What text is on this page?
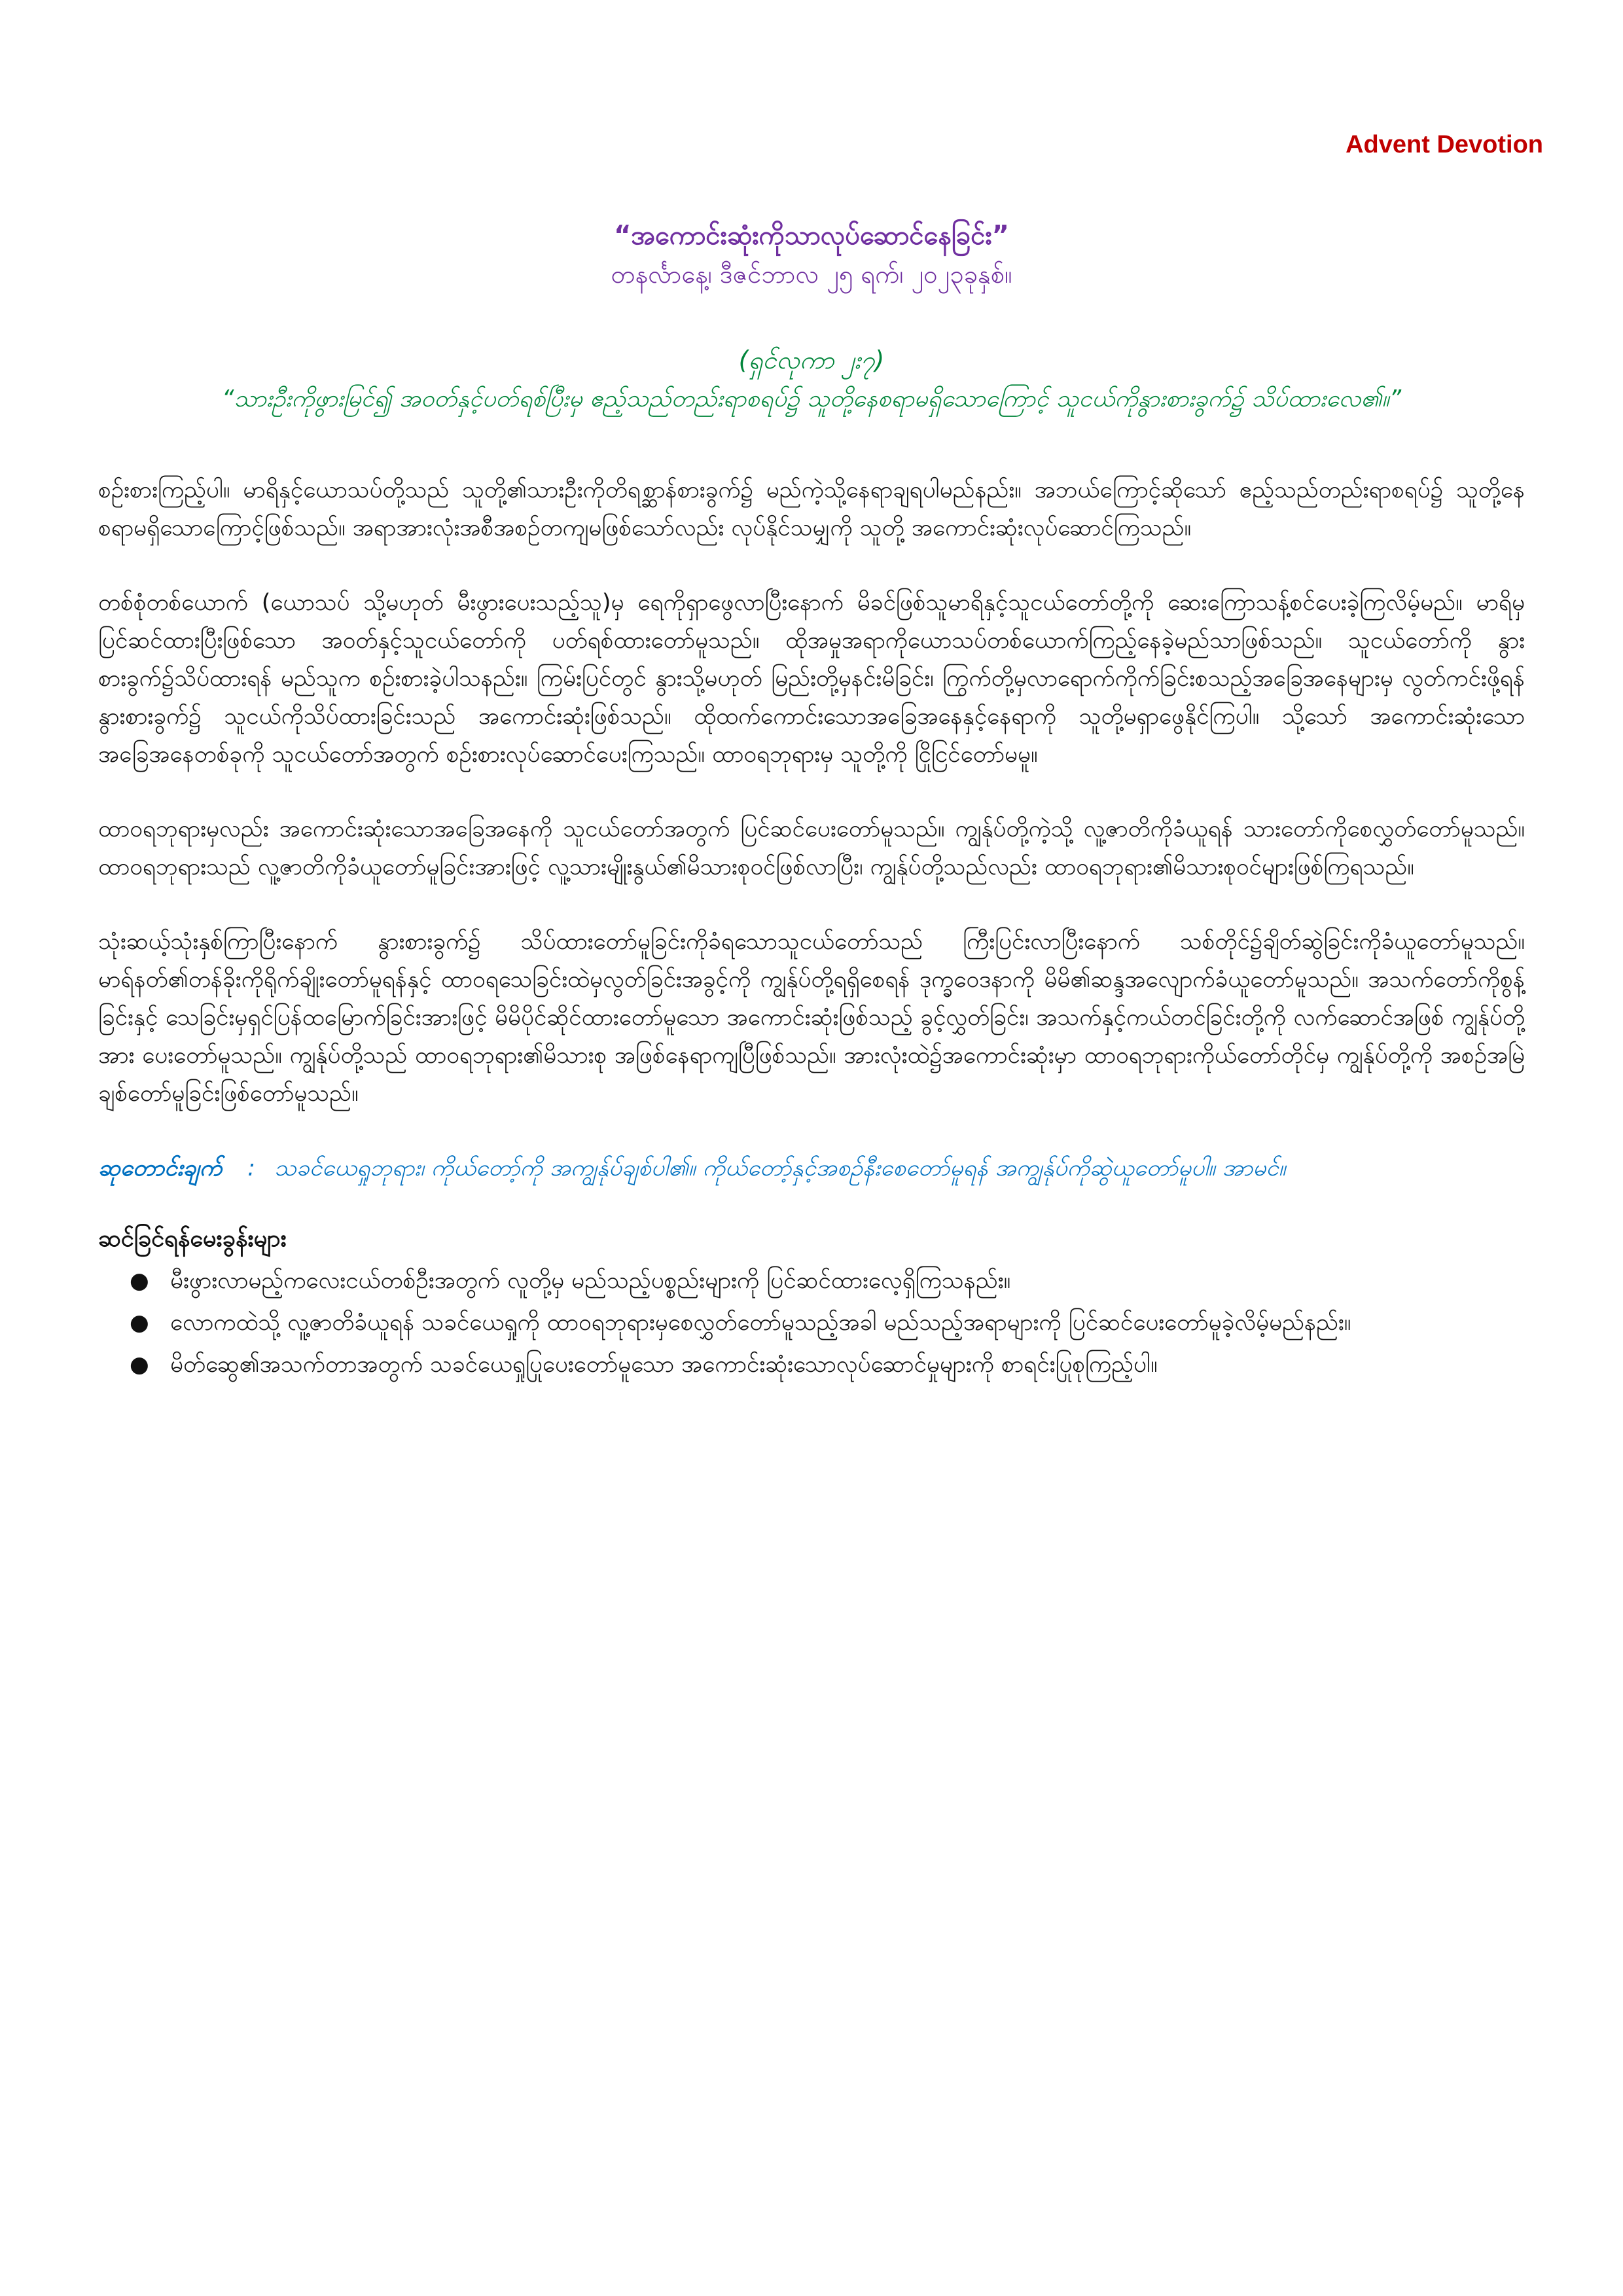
Advent Devotion
“အကောင်းဆုံးကိုသာလုပ်ဆောင်နေခြင်း”
တနင်္လာနေ့၊ ဒီဇင်ဘာလ ၂၅ ရက်၊ ၂၀၂၃ခုနှစ်။
(ရှင်လုကာ ၂း၇)
“သားဦးကိုဖွားမြင်၍ အဝတ်နှင့်ပတ်ရစ်ပြီးမှ ဧည့်သည်တည်းရာစရပ်၌ သူတို့နေစရာမရှိသောကြောင့် သူငယ်ကိုနွားစားခွက်၌ သိပ်ထားလေ၏။”

စဉ်းစားကြည့်ပါ။ မာရိနှင့်ယောသပ်တို့သည် သူတို့၏သားဦးကိုတိရစ္ဆာန်စားခွက်၌ မည်ကဲ့သို့နေရာချရပါမည်နည်း။ အဘယ်ကြောင့်ဆိုသော် ဧည့်သည်တည်းရာစရပ်၌ သူတို့နေစရာမရှိသောကြောင့်ဖြစ်သည်။ အရာအားလုံးအစီအစဉ်တကျမဖြစ်သော်လည်း လုပ်နိုင်သမျှကို သူတို့ အကောင်းဆုံးလုပ်ဆောင်ကြသည်။

တစ်စုံတစ်ယောက် (ယောသပ် သို့မဟုတ် မီးဖွားပေးသည့်သူ)မှ ရေကိုရှာဖွေလာပြီးနောက် မိခင်ဖြစ်သူမာရိနှင့်သူငယ်တော်တို့ကို ဆေးကြောသန့်စင်ပေးခဲ့ကြလိမ့်မည်။ မာရိမှပြင်ဆင်ထားပြီးဖြစ်သော အဝတ်နှင့်သူငယ်တော်ကို ပတ်ရစ်ထားတော်မူသည်။ ထိုအမှုအရာကိုယောသပ်တစ်ယောက်ကြည့်နေခဲ့မည်သာဖြစ်သည်။ သူငယ်တော်ကို နွားစားခွက်၌သိပ်ထားရန် မည်သူက စဉ်းစားခဲ့ပါသနည်း။ ကြမ်းပြင်တွင် နွားသို့မဟုတ် မြည်းတို့မှနင်းမိခြင်း၊ ကြွက်တို့မှလာရောက်ကိုက်ခြင်းစသည့်အခြေအနေများမှ လွတ်ကင်းဖို့ရန် နွားစားခွက်၌ သူငယ်ကိုသိပ်ထားခြင်းသည် အကောင်းဆုံးဖြစ်သည်။ ထိုထက်ကောင်းသောအခြေအနေနှင့်နေရာကို သူတို့မရှာဖွေနိုင်ကြပါ။ သို့သော် အကောင်းဆုံးသောအခြေအနေတစ်ခုကို သူငယ်တော်အတွက် စဉ်းစားလုပ်ဆောင်ပေးကြသည်။ ထာဝရဘုရားမှ သူတို့ကို ငြိုငြင်တော်မမူ။

ထာဝရဘုရားမှလည်း အကောင်းဆုံးသောအခြေအနေကို သူငယ်တော်အတွက် ပြင်ဆင်ပေးတော်မူသည်။ ကျွန်ုပ်တို့ကဲ့သို့ လူ့ဇာတိကိုခံယူရန် သားတော်ကိုစေလွှတ်တော်မူသည်။ ထာဝရဘုရားသည် လူ့ဇာတိကိုခံယူတော်မူခြင်းအားဖြင့် လူ့သားမျိုးနွယ်၏မိသားစုဝင်ဖြစ်လာပြီး၊ ကျွန်ုပ်တို့သည်လည်း ထာဝရဘုရား၏မိသားစုဝင်များဖြစ်ကြရသည်။

သုံးဆယ့်သုံးနှစ်ကြာပြီးနောက် နွားစားခွက်၌ သိပ်ထားတော်မူခြင်းကိုခံရသောသူငယ်တော်သည် ကြီးပြင်းလာပြီးနောက် သစ်တိုင်၌ချိတ်ဆွဲခြင်းကိုခံယူတော်မူသည်။ မာရ်နတ်၏တန်ခိုးကိုရိုက်ချိုးတော်မူရန်နှင့် ထာဝရသေခြင်းထဲမှလွတ်ခြင်းအခွင့်ကို ကျွန်ုပ်တို့ရရှိစေရန် ဒုက္ခဝေဒနာကို မိမိ၏ဆန္ဒအလျောက်ခံယူတော်မူသည်။ အသက်တော်ကိုစွန့်ခြင်းနှင့် သေခြင်းမှရှင်ပြန်ထမြောက်ခြင်းအားဖြင့် မိမိပိုင်ဆိုင်ထားတော်မူသော အကောင်းဆုံးဖြစ်သည့် ခွင့်လွှတ်ခြင်း၊ အသက်နှင့်ကယ်တင်ခြင်းတို့ကို လက်ဆောင်အဖြစ် ကျွန်ုပ်တို့အား ပေးတော်မူသည်။ ကျွန်ုပ်တို့သည် ထာဝရဘုရား၏မိသားစု အဖြစ်နေရာကျပြီဖြစ်သည်။ အားလုံးထဲ၌အကောင်းဆုံးမှာ ထာဝရဘုရားကိုယ်တော်တိုင်မှ ကျွန်ုပ်တို့ကို အစဉ်အမြဲချစ်တော်မူခြင်းဖြစ်တော်မူသည်။

ဆုတောင်းချက် : သခင်ယေရှုဘုရား၊ ကိုယ်တော့်ကို အကျွန်ုပ်ချစ်ပါ၏။ ကိုယ်တော့်နှင့်အစဉ်နီးစေတော်မူရန် အကျွန်ုပ်ကိုဆွဲယူတော်မူပါ။ အာမင်။

ဆင်ခြင်ရန်မေးခွန်းများ
● မီးဖွားလာမည့်ကလေးငယ်တစ်ဦးအတွက် လူတို့မှ မည်သည့်ပစ္စည်းများကို ပြင်ဆင်ထားလေ့ရှိကြသနည်း။
● လောကထဲသို့ လူ့ဇာတိခံယူရန် သခင်ယေရှုကို ထာဝရဘုရားမှစေလွှတ်တော်မူသည့်အခါ မည်သည့်အရာများကို ပြင်ဆင်ပေးတော်မူခဲ့လိမ့်မည်နည်း။
● မိတ်ဆွေ၏အသက်တာအတွက် သခင်ယေရှုပြုပေးတော်မူသော အကောင်းဆုံးသောလုပ်ဆောင်မှုများကို စာရင်းပြုစုကြည့်ပါ။
